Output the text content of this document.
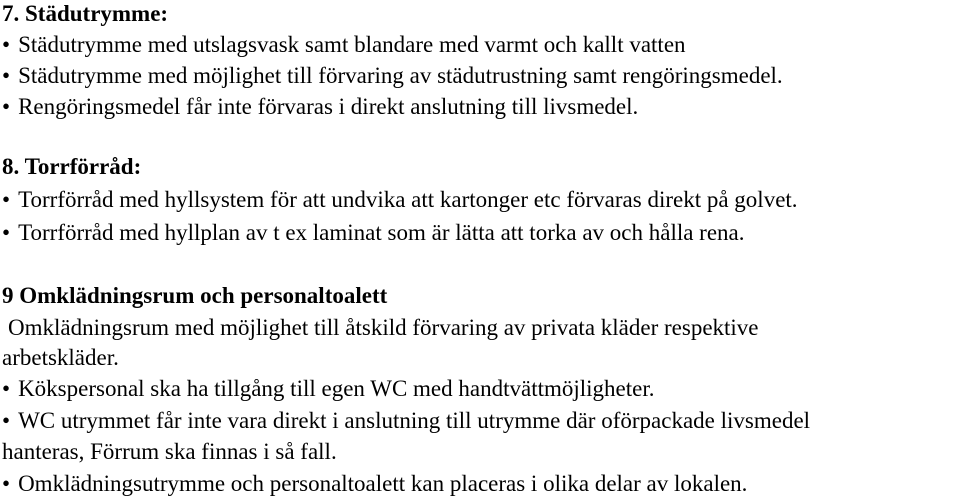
7. Städutrymme:
• Städutrymme med utslagsvask samt blandare med varmt och kallt vatten
• Städutrymme med möjlighet till förvaring av städutrustning samt rengöringsmedel.
• Rengöringsmedel får inte förvaras i direkt anslutning till livsmedel.
8. Torrförråd:
• Torrförråd med hyllsystem för att undvika att kartonger etc förvaras direkt på golvet.
• Torrförråd med hyllplan av t ex laminat som är lätta att torka av och hålla rena.
9 Omklädningsrum och personaltoalett
Omklädningsrum med möjlighet till åtskild förvaring av privata kläder respektive
arbetskläder.
• Kökspersonal ska ha tillgång till egen WC med handtvättmöjligheter.
• WC utrymmet får inte vara direkt i anslutning till utrymme där oförpackade livsmedel
hanteras, Förrum ska finnas i så fall.
• Omklädningsutrymme och personaltoalett kan placeras i olika delar av lokalen.
